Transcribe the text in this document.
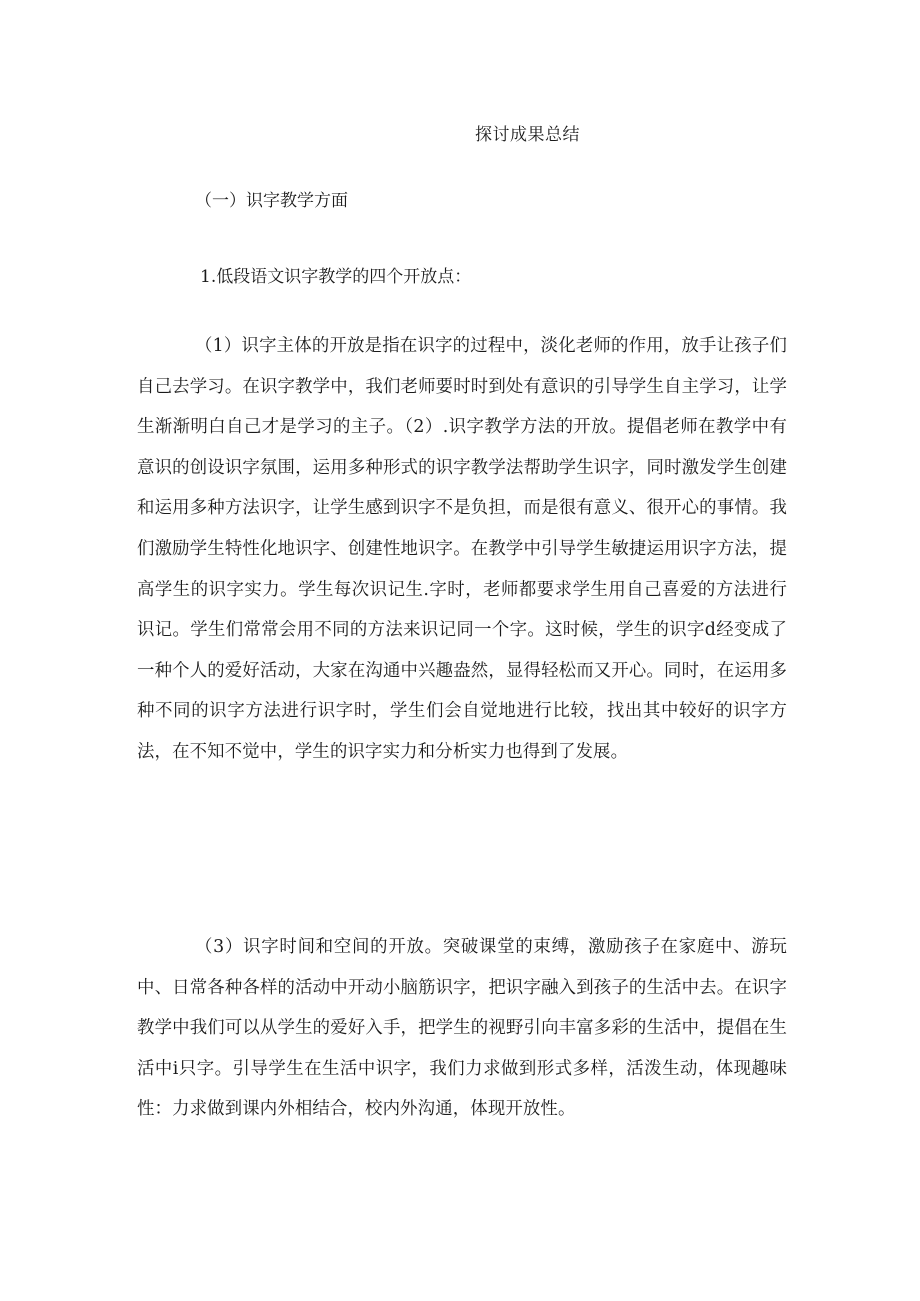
探讨成果总结
（一）识字教学方面
1.低段语文识字教学的四个开放点：

（1）识字主体的开放是指在识字的过程中，淡化老师的作用，放手让孩子们自己去学习。在识字教学中，我们老师要时时到处有意识的引导学生自主学习，让学生渐渐明白自己才是学习的主子。（2）.识字教学方法的开放。提倡老师在教学中有意识的创设识字氛围，运用多种形式的识字教学法帮助学生识字，同时激发学生创建和运用多种方法识字，让学生感到识字不是负担，而是很有意义、很开心的事情。我们激励学生特性化地识字、创建性地识字。在教学中引导学生敏捷运用识字方法，提高学生的识字实力。学生每次识记生.字时，老师都要求学生用自己喜爱的方法进行识记。学生们常常会用不同的方法来识记同一个字。这时候，学生的识字d经变成了一种个人的爱好活动，大家在沟通中兴趣盎然，显得轻松而又开心。同时，在运用多种不同的识字方法进行识字时，学生们会自觉地进行比较，找出其中较好的识字方法，在不知不觉中，学生的识字实力和分析实力也得到了发展。

（3）识字时间和空间的开放。突破课堂的束缚，激励孩子在家庭中、游玩中、日常各种各样的活动中开动小脑筋识字，把识字融入到孩子的生活中去。在识字教学中我们可以从学生的爱好入手，把学生的视野引向丰富多彩的生活中，提倡在生活中i只字。引导学生在生活中识字，我们力求做到形式多样，活泼生动，体现趣味性：力求做到课内外相结合，校内外沟通，体现开放性。
